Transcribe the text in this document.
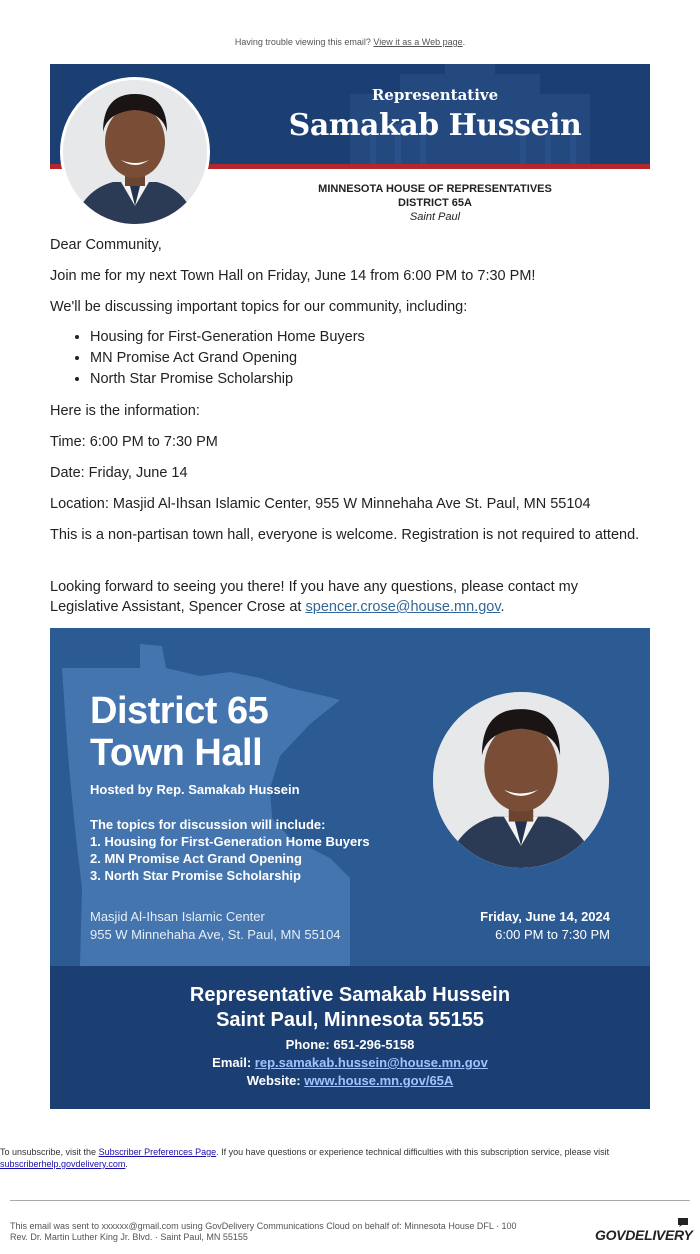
Having trouble viewing this email? View it as a Web page.
Representative
Samakab Hussein
MINNESOTA HOUSE OF REPRESENTATIVES
DISTRICT 65A
Saint Paul
Dear Community,
Join me for my next Town Hall on Friday, June 14 from 6:00 PM to 7:30 PM!
We'll be discussing important topics for our community, including:
• Housing for First-Generation Home Buyers
• MN Promise Act Grand Opening
• North Star Promise Scholarship
Here is the information:
Time: 6:00 PM to 7:30 PM
Date: Friday, June 14
Location: Masjid Al-Ihsan Islamic Center, 955 W Minnehaha Ave St. Paul, MN 55104
This is a non-partisan town hall, everyone is welcome. Registration is not required to attend.
Looking forward to seeing you there! If you have any questions, please contact my Legislative Assistant, Spencer Crose at spencer.crose@house.mn.gov.
District 65
Town Hall
Hosted by Rep. Samakab Hussein
The topics for discussion will include:
1. Housing for First-Generation Home Buyers
2. MN Promise Act Grand Opening
3. North Star Promise Scholarship
Masjid Al-Ihsan Islamic Center
955 W Minnehaha Ave, St. Paul, MN 55104
Friday, June 14, 2024
6:00 PM to 7:30 PM
Representative Samakab Hussein
Saint Paul, Minnesota 55155
Phone: 651-296-5158
Email: rep.samakab.hussein@house.mn.gov
Website: www.house.mn.gov/65A
To unsubscribe, visit the Subscriber Preferences Page. If you have questions or experience technical difficulties with this subscription service, please visit subscriberhelp.govdelivery.com.
This email was sent to xxxxxx@gmail.com using GovDelivery Communications Cloud on behalf of: Minnesota House DFL · 100
Rev. Dr. Martin Luther King Jr. Blvd. · Saint Paul, MN 55155	GOVDELIVERY
